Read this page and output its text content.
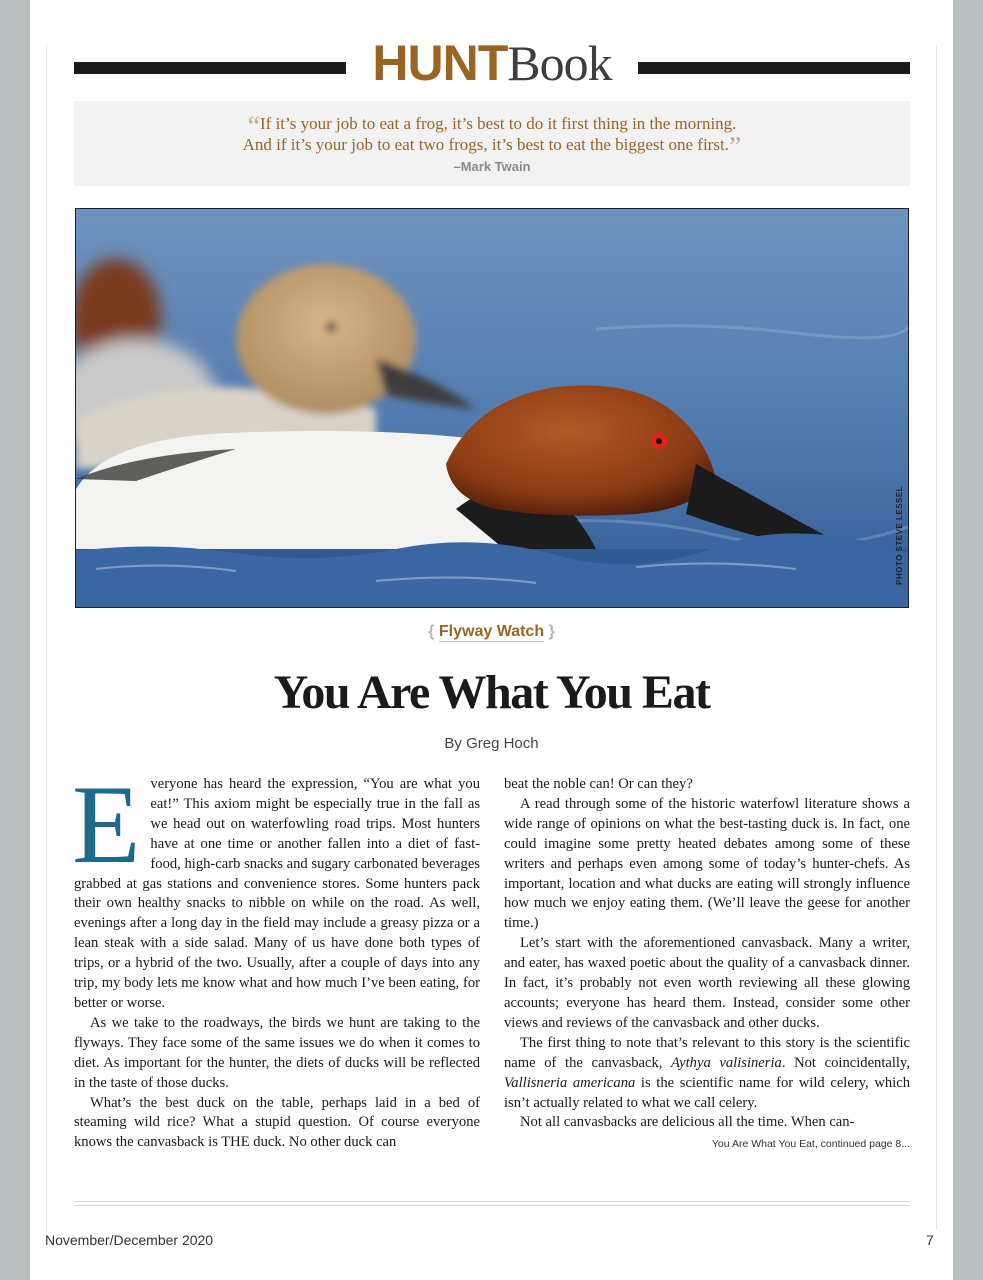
HUNTBook
“If it’s your job to eat a frog, it’s best to do it first thing in the morning.
And if it’s your job to eat two frogs, it’s best to eat the biggest one first.”
–Mark Twain
PHOTO STEVE LESSEL
{ Flyway Watch }
You Are What You Eat
By Greg Hoch

Everyone has heard the expression, “You are what you eat!” This axiom might be especially true in the fall as we head out on waterfowling road trips. Most hunters have at one time or another fallen into a diet of fast-food, high-carb snacks and sugary carbonated beverages grabbed at gas stations and convenience stores. Some hunters pack their own healthy snacks to nibble on while on the road. As well, evenings after a long day in the field may include a greasy pizza or a lean steak with a side salad. Many of us have done both types of trips, or a hybrid of the two. Usually, after a couple of days into any trip, my body lets me know what and how much I’ve been eating, for better or worse.

As we take to the roadways, the birds we hunt are taking to the flyways. They face some of the same issues we do when it comes to diet. As important for the hunter, the diets of ducks will be reflected in the taste of those ducks.

What’s the best duck on the table, perhaps laid in a bed of steaming wild rice? What a stupid question. Of course everyone knows the canvasback is THE duck. No other duck can

beat the noble can! Or can they?

A read through some of the historic waterfowl literature shows a wide range of opinions on what the best-tasting duck is. In fact, one could imagine some pretty heated debates among some of these writers and perhaps even among some of today’s hunter-chefs. As important, location and what ducks are eating will strongly influence how much we enjoy eating them. (We’ll leave the geese for another time.)

Let’s start with the aforementioned canvasback. Many a writer, and eater, has waxed poetic about the quality of a canvasback dinner. In fact, it’s probably not even worth reviewing all these glowing accounts; everyone has heard them. Instead, consider some other views and reviews of the canvasback and other ducks.

The first thing to note that’s relevant to this story is the scientific name of the canvasback, Aythya valisineria. Not coincidentally, Vallisneria americana is the scientific name for wild celery, which isn’t actually related to what we call celery.

Not all canvasbacks are delicious all the time. When can-

You Are What You Eat, continued page 8...
November/December 2020	7
